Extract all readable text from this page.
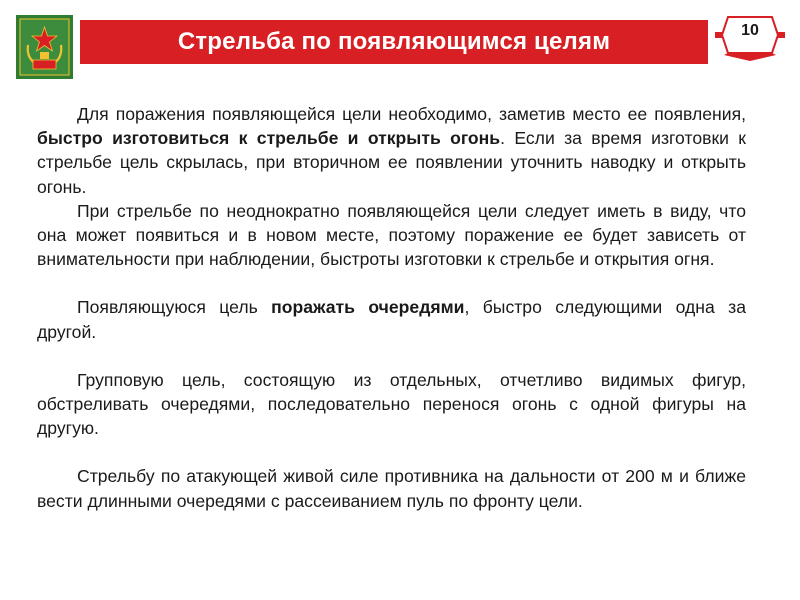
Стрельба по появляющимся целям	10

Для поражения появляющейся цели необходимо, заметив место ее появления, быстро изготовиться к стрельбе и открыть огонь. Если за время изготовки к стрельбе цель скрылась, при вторичном ее появлении уточнить наводку и открыть огонь.

При стрельбе по неоднократно появляющейся цели следует иметь в виду, что она может появиться и в новом месте, поэтому поражение ее будет зависеть от внимательности при наблюдении, быстроты изготовки к стрельбе и открытия огня.

Появляющуюся цель поражать очередями, быстро следующими одна за другой.

Групповую цель, состоящую из отдельных, отчетливо видимых фигур, обстреливать очередями, последовательно перенося огонь с одной фигуры на другую.

Стрельбу по атакующей живой силе противника на дальности от 200 м и ближе вести длинными очередями с рассеиванием пуль по фронту цели.
